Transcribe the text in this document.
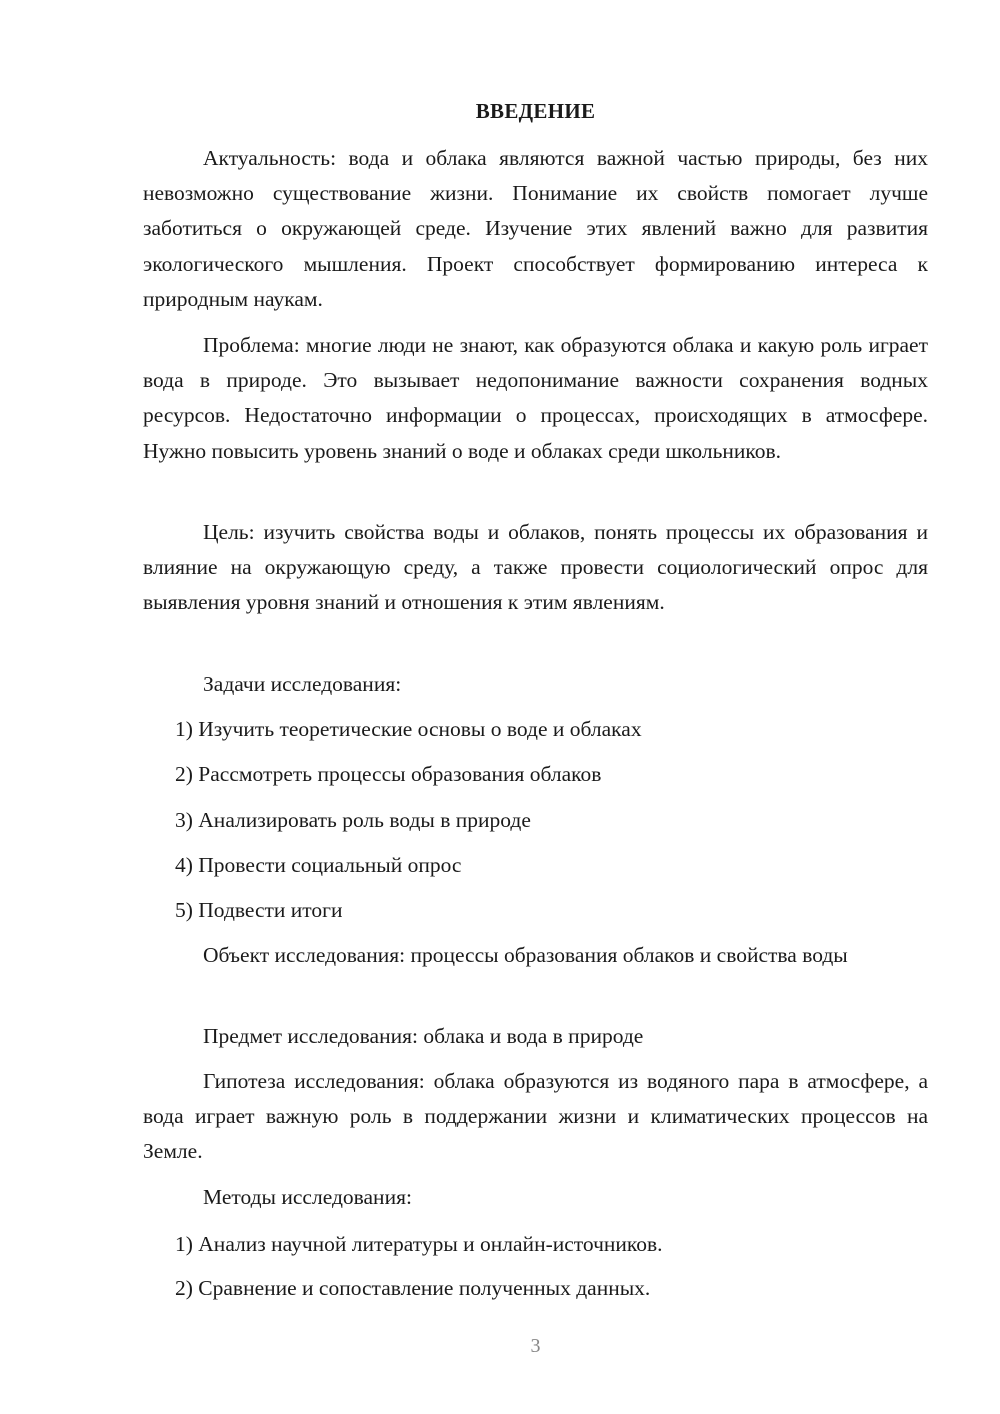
ВВЕДЕНИЕ

Актуальность: вода и облака являются важной частью природы, без них невозможно существование жизни. Понимание их свойств помогает лучше заботиться о окружающей среде. Изучение этих явлений важно для развития экологического мышления. Проект способствует формированию интереса к природным наукам.

Проблема: многие люди не знают, как образуются облака и какую роль играет вода в природе. Это вызывает недопонимание важности сохранения водных ресурсов. Недостаточно информации о процессах, происходящих в атмосфере. Нужно повысить уровень знаний о воде и облаках среди школьников.

Цель: изучить свойства воды и облаков, понять процессы их образования и влияние на окружающую среду, а также провести социологический опрос для выявления уровня знаний и отношения к этим явлениям.

Задачи исследования:
1) Изучить теоретические основы о воде и облаках
2) Рассмотреть процессы образования облаков
3) Анализировать роль воды в природе
4) Провести социальный опрос
5) Подвести итоги

Объект исследования: процессы образования облаков и свойства воды

Предмет исследования: облака и вода в природе

Гипотеза исследования: облака образуются из водяного пара в атмосфере, а вода играет важную роль в поддержании жизни и климатических процессов на Земле.

Методы исследования:
1) Анализ научной литературы и онлайн-источников.
2) Сравнение и сопоставление полученных данных.
3
